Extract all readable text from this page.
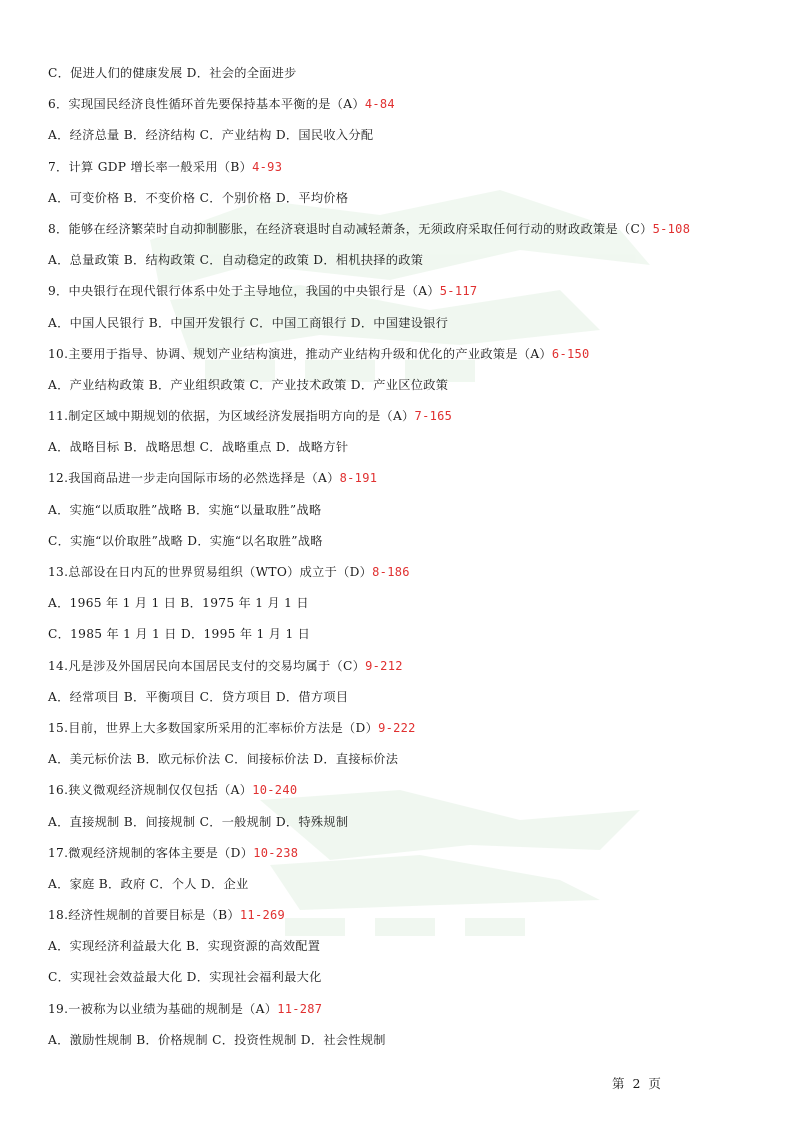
C．促进人们的健康发展 D．社会的全面进步
6．实现国民经济良性循环首先要保持基本平衡的是（A）4-84
A．经济总量 B．经济结构 C．产业结构 D．国民收入分配
7．计算 GDP 增长率一般采用（B）4-93
A．可变价格 B．不变价格 C．个别价格 D．平均价格
8．能够在经济繁荣时自动抑制膨胀，在经济衰退时自动减轻萧条，无须政府采取任何行动的财政政策是（C）5-108
A．总量政策 B．结构政策 C．自动稳定的政策 D．相机抉择的政策
9．中央银行在现代银行体系中处于主导地位，我国的中央银行是（A）5-117
A．中国人民银行 B．中国开发银行 C．中国工商银行 D．中国建设银行
10.主要用于指导、协调、规划产业结构演进，推动产业结构升级和优化的产业政策是（A）6-150
A．产业结构政策 B．产业组织政策 C．产业技术政策 D．产业区位政策
11.制定区域中期规划的依据，为区域经济发展指明方向的是（A）7-165
A．战略目标 B．战略思想 C．战略重点 D．战略方针
12.我国商品进一步走向国际市场的必然选择是（A）8-191
A．实施“以质取胜”战略 B．实施“以量取胜”战略
C．实施“以价取胜”战略 D．实施“以名取胜”战略
13.总部设在日内瓦的世界贸易组织（WTO）成立于（D）8-186
A．1965 年 1 月 1 日 B．1975 年 1 月 1 日
C．1985 年 1 月 1 日 D．1995 年 1 月 1 日
14.凡是涉及外国居民向本国居民支付的交易均属于（C）9-212
A．经常项目 B．平衡项目 C．贷方项目 D．借方项目
15.目前，世界上大多数国家所采用的汇率标价方法是（D）9-222
A．美元标价法 B．欧元标价法 C．间接标价法 D．直接标价法
16.狭义微观经济规制仅仅包括（A）10-240
A．直接规制 B．间接规制 C．一般规制 D．特殊规制
17.微观经济规制的客体主要是（D）10-238
A．家庭 B．政府 C．个人 D．企业
18.经济性规制的首要目标是（B）11-269
A．实现经济利益最大化 B．实现资源的高效配置
C．实现社会效益最大化 D．实现社会福利最大化
19.一被称为以业绩为基础的规制是（A）11-287
A．激励性规制 B．价格规制 C．投资性规制 D．社会性规制
第 2 页
